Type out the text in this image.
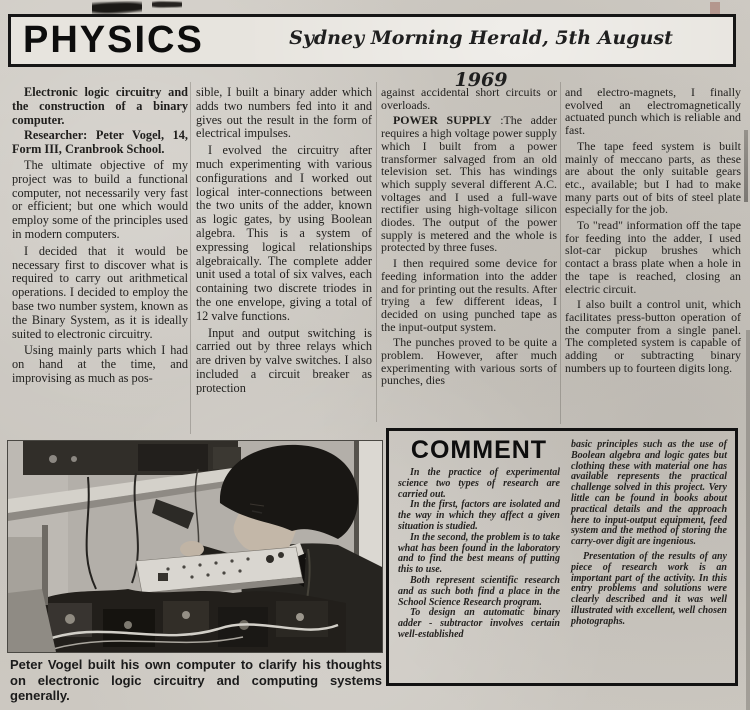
PHYSICS	Sydney Morning Herald, 5th August 1969

Electronic logic circuitry and the construction of a binary computer.

Researcher: Peter Vogel, 14, Form III, Cranbrook School.

The ultimate objective of my project was to build a functional computer, not necessarily very fast or efficient; but one which would employ some of the principles used in modern computers.

I decided that it would be necessary first to discover what is required to carry out arithmetical operations. I decided to employ the base two number system, known as the Binary System, as it is ideally suited to electronic circuitry.

Using mainly parts which I had on hand at the time, and improvising as much as pos-

sible, I built a binary adder which adds two numbers fed into it and gives out the result in the form of electrical impulses.

I evolved the circuitry after much experimenting with various configurations and I worked out logical inter-connections between the two units of the adder, known as logic gates, by using Boolean algebra. This is a system of expressing logical relationships algebraically. The complete adder unit used a total of six valves, each containing two discrete triodes in the one envelope, giving a total of 12 valve functions.

Input and output switching is carried out by three relays which are driven by valve switches. I also included a circuit breaker as protection

against accidental short circuits or overloads.

POWER SUPPLY :The adder requires a high voltage power supply which I built from a power transformer salvaged from an old television set. This has windings which supply several different A.C. voltages and I used a full-wave rectifier using high-voltage silicon diodes. The output of the power supply is metered and the whole is protected by three fuses.

I then required some device for feeding information into the adder and for printing out the results. After trying a few different ideas, I decided on using punched tape as the input-output system.

The punches proved to be quite a problem. However, after much experimenting with various sorts of punches, dies

and electro-magnets, I finally evolved an electromagnetically actuated punch which is reliable and fast.

The tape feed system is built mainly of meccano parts, as these are about the only suitable gears etc., available; but I had to make many parts out of bits of steel plate especially for the job.

To "read" information off the tape for feeding into the adder, I used slot-car pickup brushes which contact a brass plate when a hole in the tape is reached, closing an electric circuit.

I also built a control unit, which facilitates press-button operation of the computer from a single panel. The completed system is capable of adding or subtracting binary numbers up to fourteen digits long.

Peter Vogel built his own computer to clarify his thoughts on electronic logic circuitry and computing systems generally.

COMMENT

In the practice of experimental science two types of research are carried out.

In the first, factors are isolated and the way in which they affect a given situation is studied.

In the second, the problem is to take what has been found in the laboratory and to find the best means of putting this to use.

Both represent scientific research and as such both find a place in the School Science Research program.

To design an automatic binary adder - subtractor involves certain well-established

basic principles such as the use of Boolean algebra and logic gates but clothing these with material one has available represents the practical challenge solved in this project. Very little can be found in books about practical details and the approach here to input-output equipment, feed system and the method of storing the carry-over digit are ingenious.

Presentation of the results of any piece of research work is an important part of the activity. In this entry problems and solutions were clearly described and it was well illustrated with excellent, well chosen photographs.
